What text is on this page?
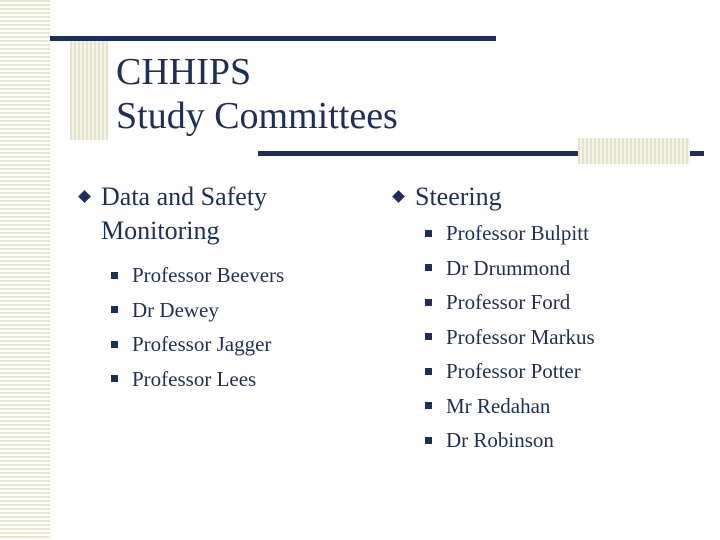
CHHIPS
Study Committees
Data and Safety
Monitoring
Professor Beevers
Dr Dewey
Professor Jagger
Professor Lees
Steering
Professor Bulpitt
Dr Drummond
Professor Ford
Professor Markus
Professor Potter
Mr Redahan
Dr Robinson
